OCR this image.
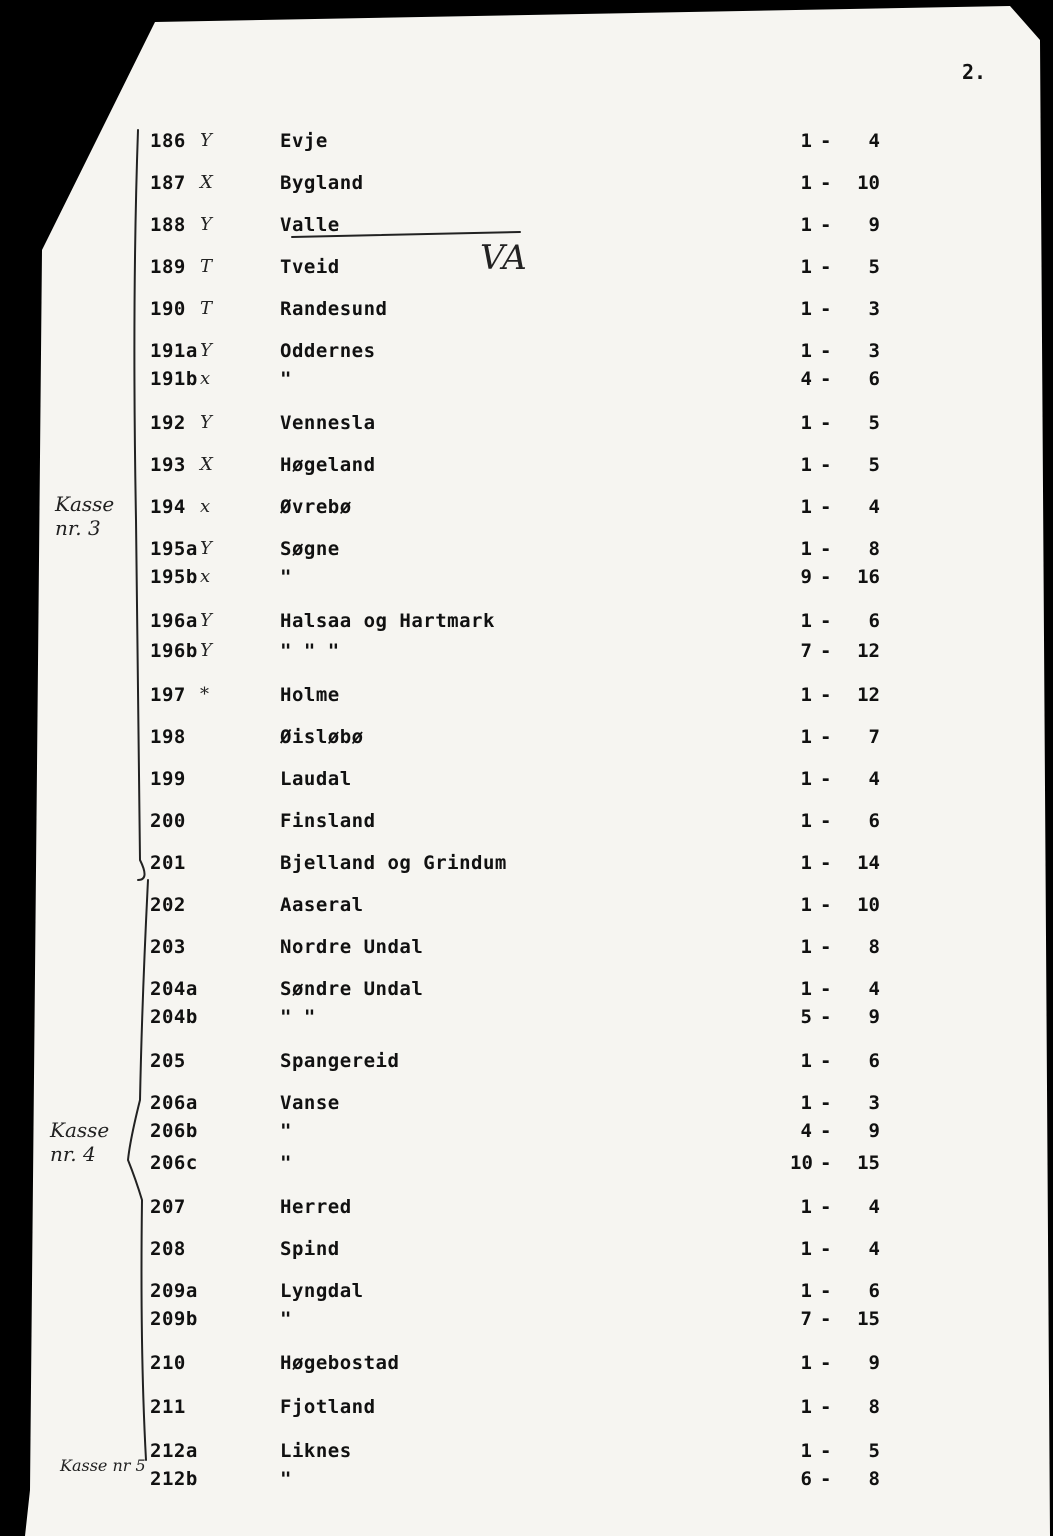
2.
186 Y	Evje	1 -	4
187 X	Bygland	1 -	10
188 Y	Valle	1 -	9
189 T	Tveid	1 -	5
190 T	Randesund	1 -	3
191a Y	Oddernes	1 -	3
191b x	"	4 -	6
192 Y	Vennesla	1 -	5
193 X	Høgeland	1 -	5
194 x	Øvrebø	1 -	4
195a Y	Søgne	1 -	8
195b x	"	9 -	16
196a Y	Halsaa og Hartmark	1 -	6
196b Y	" " "	7 -	12
197 *	Holme	1 -	12
198	Øisløbø	1 -	7
199	Laudal	1 -	4
200	Finsland	1 -	6
201	Bjelland og Grindum	1 -	14
202	Aaseral	1 -	10
203	Nordre Undal	1 -	8
204a	Søndre Undal	1 -	4
204b	" "	5 -	9
205	Spangereid	1 -	6
206a	Vanse	1 -	3
206b	"	4 -	9
206c	"	10 -	15
207	Herred	1 -	4
208	Spind	1 -	4
209a	Lyngdal	1 -	6
209b	"	7 -	15
210	Høgebostad	1 -	9
211	Fjotland	1 -	8
212a	Liknes	1 -	5
212b	"	6 -	8
VA
Kasse nr. 3
Kasse nr. 4
Kasse nr 5
